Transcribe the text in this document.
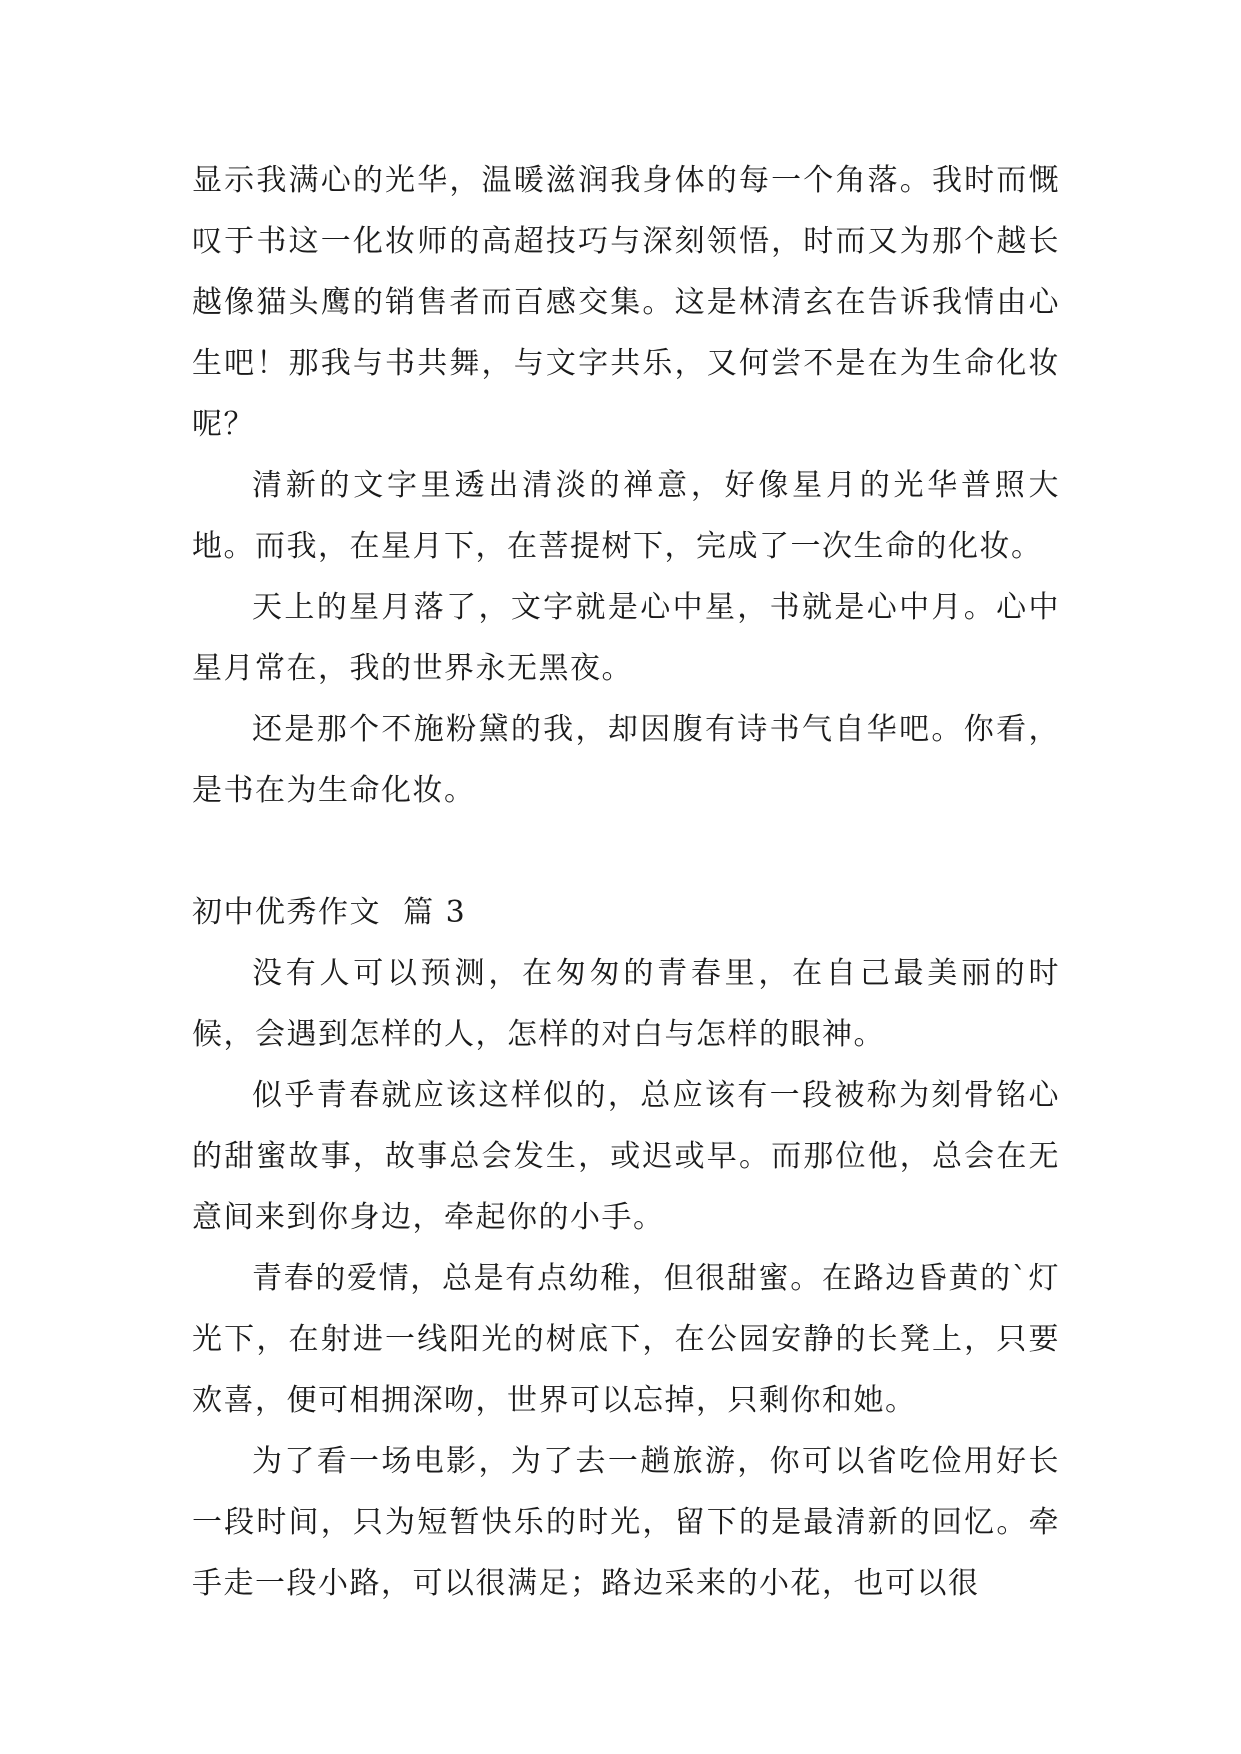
显示我满心的光华，温暖滋润我身体的每一个角落。我时而慨叹于书这一化妆师的高超技巧与深刻领悟，时而又为那个越长越像猫头鹰的销售者而百感交集。这是林清玄在告诉我情由心生吧！那我与书共舞，与文字共乐，又何尝不是在为生命化妆呢？

清新的文字里透出清淡的禅意，好像星月的光华普照大地。而我，在星月下，在菩提树下，完成了一次生命的化妆。

天上的星月落了，文字就是心中星，书就是心中月。心中星月常在，我的世界永无黑夜。

还是那个不施粉黛的我，却因腹有诗书气自华吧。你看，是书在为生命化妆。

初中优秀作文  篇 3

没有人可以预测，在匆匆的青春里，在自己最美丽的时候，会遇到怎样的人，怎样的对白与怎样的眼神。

似乎青春就应该这样似的，总应该有一段被称为刻骨铭心的甜蜜故事，故事总会发生，或迟或早。而那位他，总会在无意间来到你身边，牵起你的小手。

青春的爱情，总是有点幼稚，但很甜蜜。在路边昏黄的`灯光下，在射进一线阳光的树底下，在公园安静的长凳上，只要欢喜，便可相拥深吻，世界可以忘掉，只剩你和她。

为了看一场电影，为了去一趟旅游，你可以省吃俭用好长一段时间，只为短暂快乐的时光，留下的是最清新的回忆。牵手走一段小路，可以很满足；路边采来的小花，也可以很
